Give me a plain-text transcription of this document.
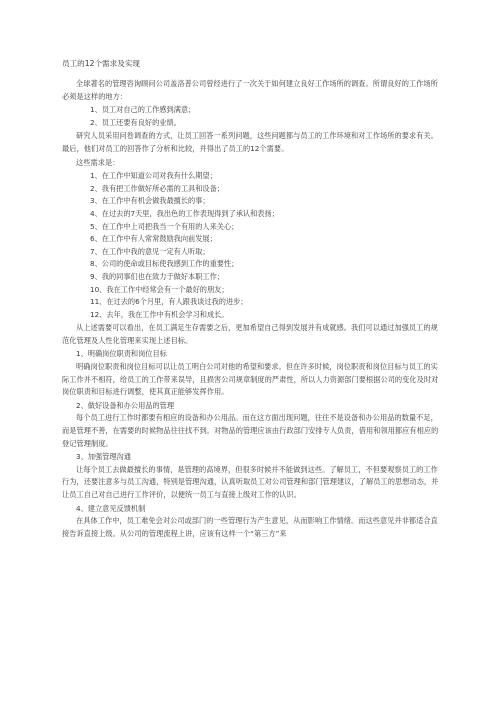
员工的12个需求及实现

全球著名的管理咨询顾问公司盖洛普公司曾经进行了一次关于如何建立良好工作场所的调查。所谓良好的工作场所必须是这样的地方：

1、员工对自己的工作感到满意；

2、员工还要有良好的业绩。

研究人员采用问卷调查的方式，让员工回答一系列问题，这些问题都与员工的工作环境和对工作场所的要求有关。最后，他们对员工的回答作了分析和比较，并得出了员工的12个需要。

这些需求是：

1、在工作中知道公司对我有什么期望；

2、我有把工作做好所必需的工具和设备；

3、在工作中有机会做我最擅长的事；

4、在过去的7天里，我出色的工作表现得到了承认和表扬；

5、在工作中上司把我当一个有用的人来关心；

6、在工作中有人常常鼓励我向前发展；

7、在工作中我的意见一定有人听取；

8、公司的使命或目标使我感到工作的重要性；

9、我的同事们也在致力于做好本职工作；

10、我在工作中经常会有一个最好的朋友；

11、在过去的6个月里，有人跟我谈过我的进步；

12、去年，我在工作中有机会学习和成长。

从上述需要可以看出，在员工满足生存需要之后，更加希望自己得到发展并有成就感。我们可以通过加强员工的规范化管理及人性化管理来实现上述目标。

1、明确岗位职责和岗位目标

明确岗位职责和岗位目标可以让员工明白公司对他的希望和要求。但在许多时候，岗位职责和岗位目标与员工的实际工作并不相符，给员工的工作带来误导，且损害公司规章制度的严肃性，所以人力资源部门要根据公司的变化及时对岗位职责和目标进行调整，使其真正能够发挥作用。

2、做好设备和办公用品的管理

每个员工进行工作时都要有相应的设备和办公用品。而在这方面出现问题，往往不是设备和办公用品的数量不足，而是管理不善，在需要的时候物品往往找不到。对物品的管理应该由行政部门安排专人负责，借用和领用都应有相应的登记管理制度。

3、加强管理沟通

让每个员工去做最擅长的事情，是管理的高境界，但很多时候并不能做到这些。了解员工，不但要观察员工的工作行为，还要注意多与员工沟通，特别是管理沟通，认真听取员工对公司管理和部门管理建议，了解员工的思想动态，并让员工自己对自己进行工作评价，以便统一员工与直接上级对工作的认识。

4、建立意见反馈机制

在具体工作中，员工难免会对公司或部门的一些管理行为产生意见，从而影响工作情绪。而这些意见并非都适合直接告诉直接上级。从公司的管理流程上讲，应该有这样一个“第三方”来
